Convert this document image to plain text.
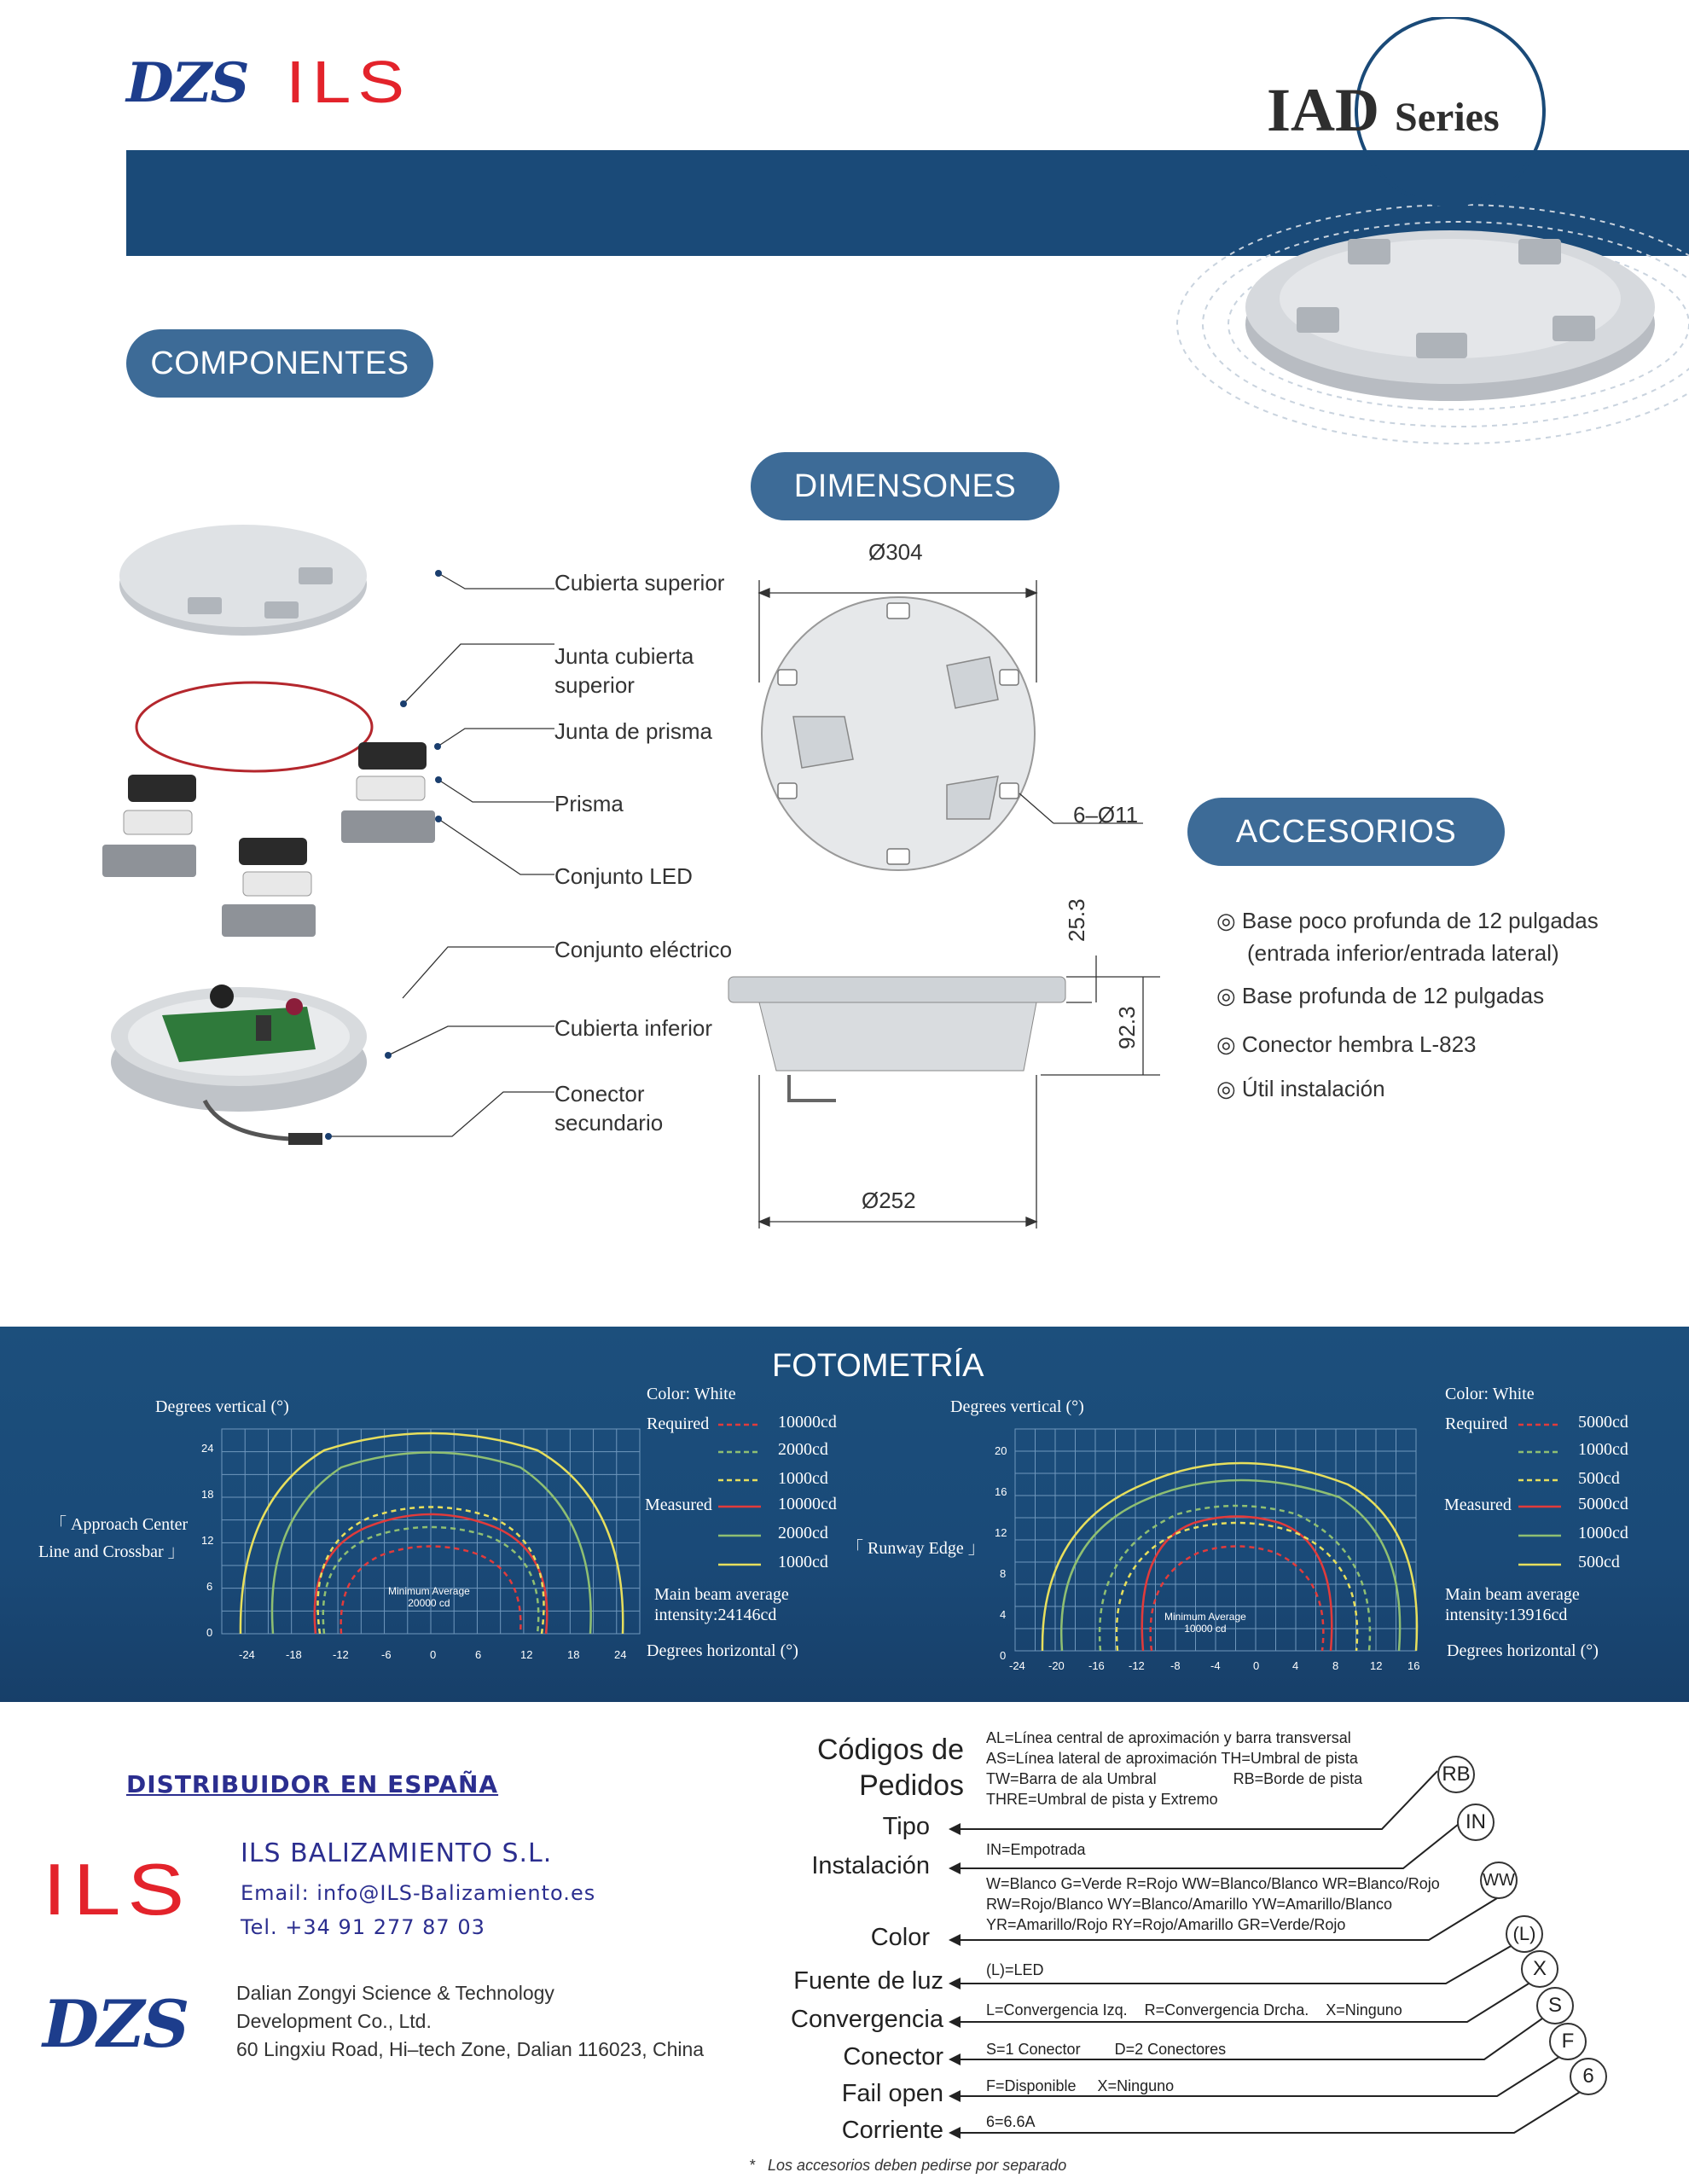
DZS ILS	IAD Series
COMPONENTES
DIMENSONES
ACCESORIOS
Cubierta superior
Junta cubierta superior
Junta de prisma
Prisma
Conjunto LED
Conjunto eléctrico
Cubierta inferior
Conector secundario
Ø304
6–Ø11
25.3
92.3
Ø252
◎ Base poco profunda de 12 pulgadas
(entrada inferior/entrada lateral)
◎ Base profunda de 12 pulgadas
◎ Conector hembra L-823
◎ Útil instalación
FOTOMETRÍA
Degrees vertical (°)
「 Approach Center
Line and Crossbar 」
Minimum Average
20000 cd
24
18
12
6
0
-24	-18	-12	-6	0	6	12	18	24
Color: White
Required
Measured
10000cd
2000cd
1000cd
10000cd
2000cd
1000cd
Main beam average
intensity:24146cd
Degrees horizontal (°)
Degrees vertical (°)
「 Runway Edge 」
Minimum Average
10000 cd
20
16
12
8
4
0
-24 -20 -16 -12 -8	-4	0	4	8	12 16
Color: White
Required
Measured
5000cd
1000cd
500cd
5000cd
1000cd
500cd
Main beam average
intensity:13916cd
Degrees horizontal (°)
DISTRIBUIDOR EN ESPAÑA
ILS ILS BALIZAMIENTO S.L.
Email: info@ILS-Balizamiento.es
Tel. +34 91 277 87 03
DZS Dalian Zongyi Science & Technology
Development Co., Ltd.
60 Lingxiu Road, Hi–tech Zone, Dalian 116023, China
Códigos de
Pedidos
AL=Línea central de aproximación y barra transversal
AS=Línea lateral de aproximación TH=Umbral de pista
TW=Barra de ala Umbral                  RB=Borde de pista
THRE=Umbral de pista y Extremo
Tipo
Instalación
Color
Fuente de luz
Convergencia
Conector
Fail open
Corriente
IN=Empotrada
W=Blanco G=Verde R=Rojo WW=Blanco/Blanco WR=Blanco/Rojo
RW=Rojo/Blanco WY=Blanco/Amarillo YW=Amarillo/Blanco
YR=Amarillo/Rojo RY=Rojo/Amarillo GR=Verde/Rojo
(L)=LED
L=Convergencia Izq.    R=Convergencia Drcha.    X=Ninguno
S=1 Conector        D=2 Conectores
F=Disponible     X=Ninguno
6=6.6A
RB
IN
WW
(L)
X
S
F
6
* Los accesorios deben pedirse por separado
